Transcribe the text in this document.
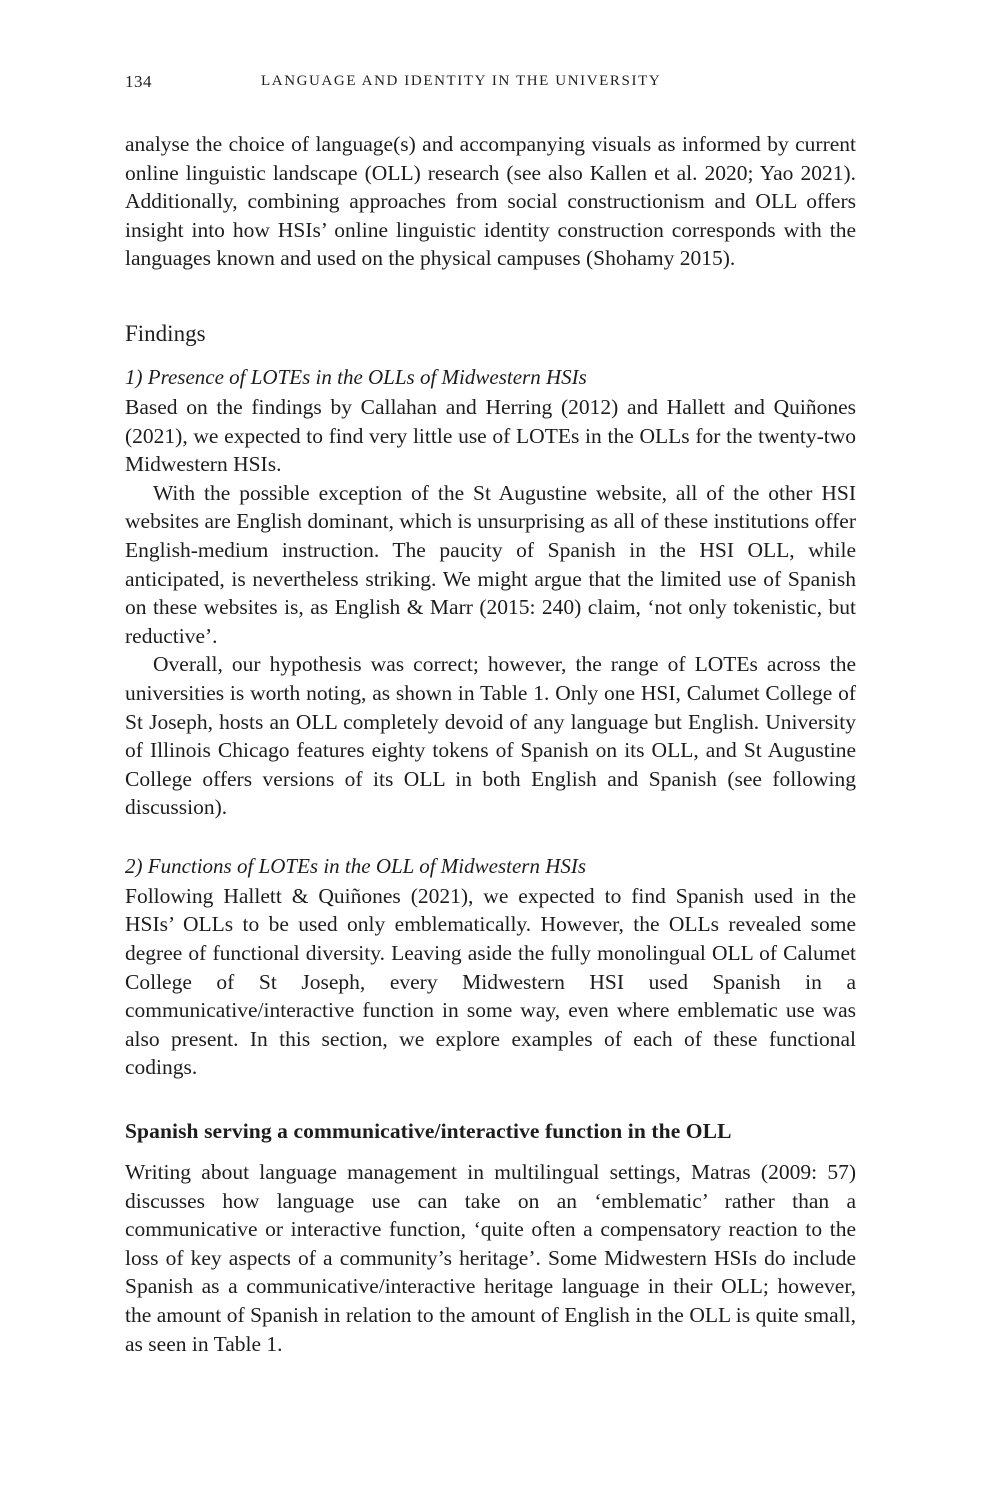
134	LANGUAGE AND IDENTITY IN THE UNIVERSITY

analyse the choice of language(s) and accompanying visuals as informed by current online linguistic landscape (OLL) research (see also Kallen et al. 2020; Yao 2021). Additionally, combining approaches from social constructionism and OLL offers insight into how HSIs’ online linguistic identity construction corresponds with the languages known and used on the physical campuses (Shohamy 2015).

Findings
1) Presence of LOTEs in the OLLs of Midwestern HSIs

Based on the findings by Callahan and Herring (2012) and Hallett and Quiñones (2021), we expected to find very little use of LOTEs in the OLLs for the twenty-two Midwestern HSIs.

With the possible exception of the St Augustine website, all of the other HSI websites are English dominant, which is unsurprising as all of these institutions offer English-medium instruction. The paucity of Spanish in the HSI OLL, while anticipated, is nevertheless striking. We might argue that the limited use of Spanish on these websites is, as English & Marr (2015: 240) claim, ‘not only tokenistic, but reductive’.

Overall, our hypothesis was correct; however, the range of LOTEs across the universities is worth noting, as shown in Table 1. Only one HSI, Calumet College of St Joseph, hosts an OLL completely devoid of any language but English. University of Illinois Chicago features eighty tokens of Spanish on its OLL, and St Augustine College offers versions of its OLL in both English and Spanish (see following discussion).

2) Functions of LOTEs in the OLL of Midwestern HSIs

Following Hallett & Quiñones (2021), we expected to find Spanish used in the HSIs’ OLLs to be used only emblematically. However, the OLLs revealed some degree of functional diversity. Leaving aside the fully monolingual OLL of Calumet College of St Joseph, every Midwestern HSI used Spanish in a communicative/interactive function in some way, even where emblematic use was also present. In this section, we explore examples of each of these functional codings.

Spanish serving a communicative/interactive function in the OLL

Writing about language management in multilingual settings, Matras (2009: 57) discusses how language use can take on an ‘emblematic’ rather than a communicative or interactive function, ‘quite often a compensatory reaction to the loss of key aspects of a community’s heritage’. Some Midwestern HSIs do include Spanish as a communicative/interactive heritage language in their OLL; however, the amount of Spanish in relation to the amount of English in the OLL is quite small, as seen in Table 1.
